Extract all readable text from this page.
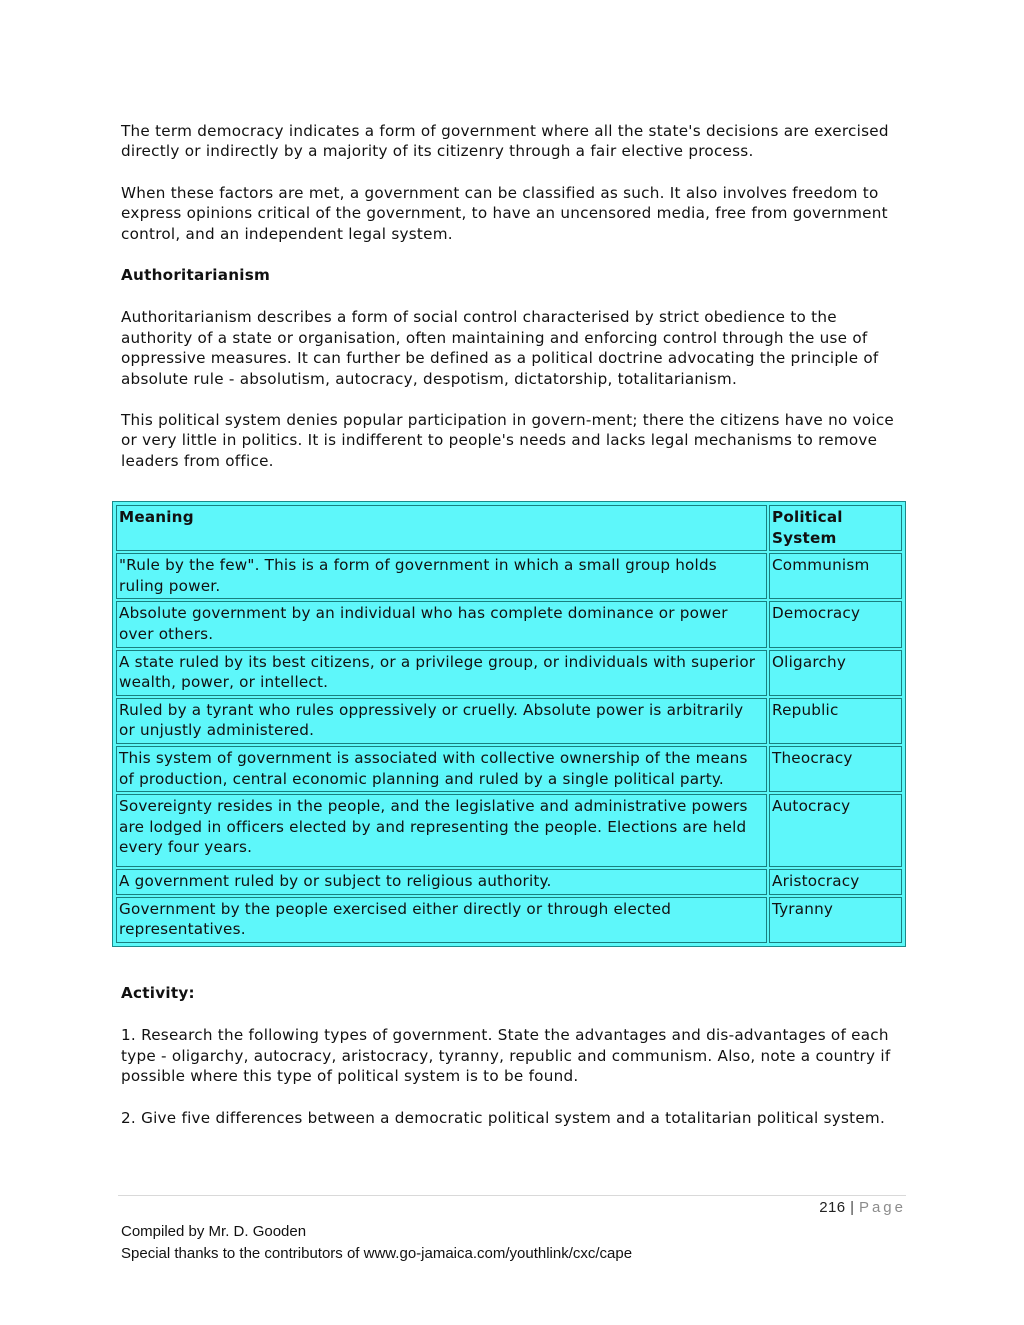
The term democracy indicates a form of government where all the state's decisions are exercised directly or indirectly by a majority of its citizenry through a fair elective process.

When these factors are met, a government can be classified as such. It also involves freedom to express opinions critical of the government, to have an uncensored media, free from government control, and an independent legal system.

Authoritarianism

Authoritarianism describes a form of social control characterised by strict obedience to the authority of a state or organisation, often maintaining and enforcing control through the use of oppressive measures. It can further be defined as a political doctrine advocating the principle of absolute rule - absolutism, autocracy, despotism, dictatorship, totalitarianism.

This political system denies popular participation in govern-ment; there the citizens have no voice or very little in politics. It is indifferent to people's needs and lacks legal mechanisms to remove leaders from office.

Meaning	Political System
"Rule by the few". This is a form of government in which a small group holds ruling power.	Communism
Absolute government by an individual who has complete dominance or power over others.	Democracy
A state ruled by its best citizens, or a privilege group, or individuals with superior wealth, power, or intellect.	Oligarchy
Ruled by a tyrant who rules oppressively or cruelly. Absolute power is arbitrarily or unjustly administered.	Republic
This system of government is associated with collective ownership of the means of production, central economic planning and ruled by a single political party.	Theocracy
Sovereignty resides in the people, and the legislative and administrative powers are lodged in officers elected by and representing the people. Elections are held every four years.	Autocracy
A government ruled by or subject to religious authority.	Aristocracy
Government by the people exercised either directly or through elected representatives.	Tyranny
Activity:

1. Research the following types of government. State the advantages and dis-advantages of each type - oligarchy, autocracy, aristocracy, tyranny, republic and communism. Also, note a country if possible where this type of political system is to be found.

2. Give five differences between a democratic political system and a totalitarian political system.

216 | Page
Compiled by Mr. D. Gooden
Special thanks to the contributors of www.go-jamaica.com/youthlink/cxc/cape
